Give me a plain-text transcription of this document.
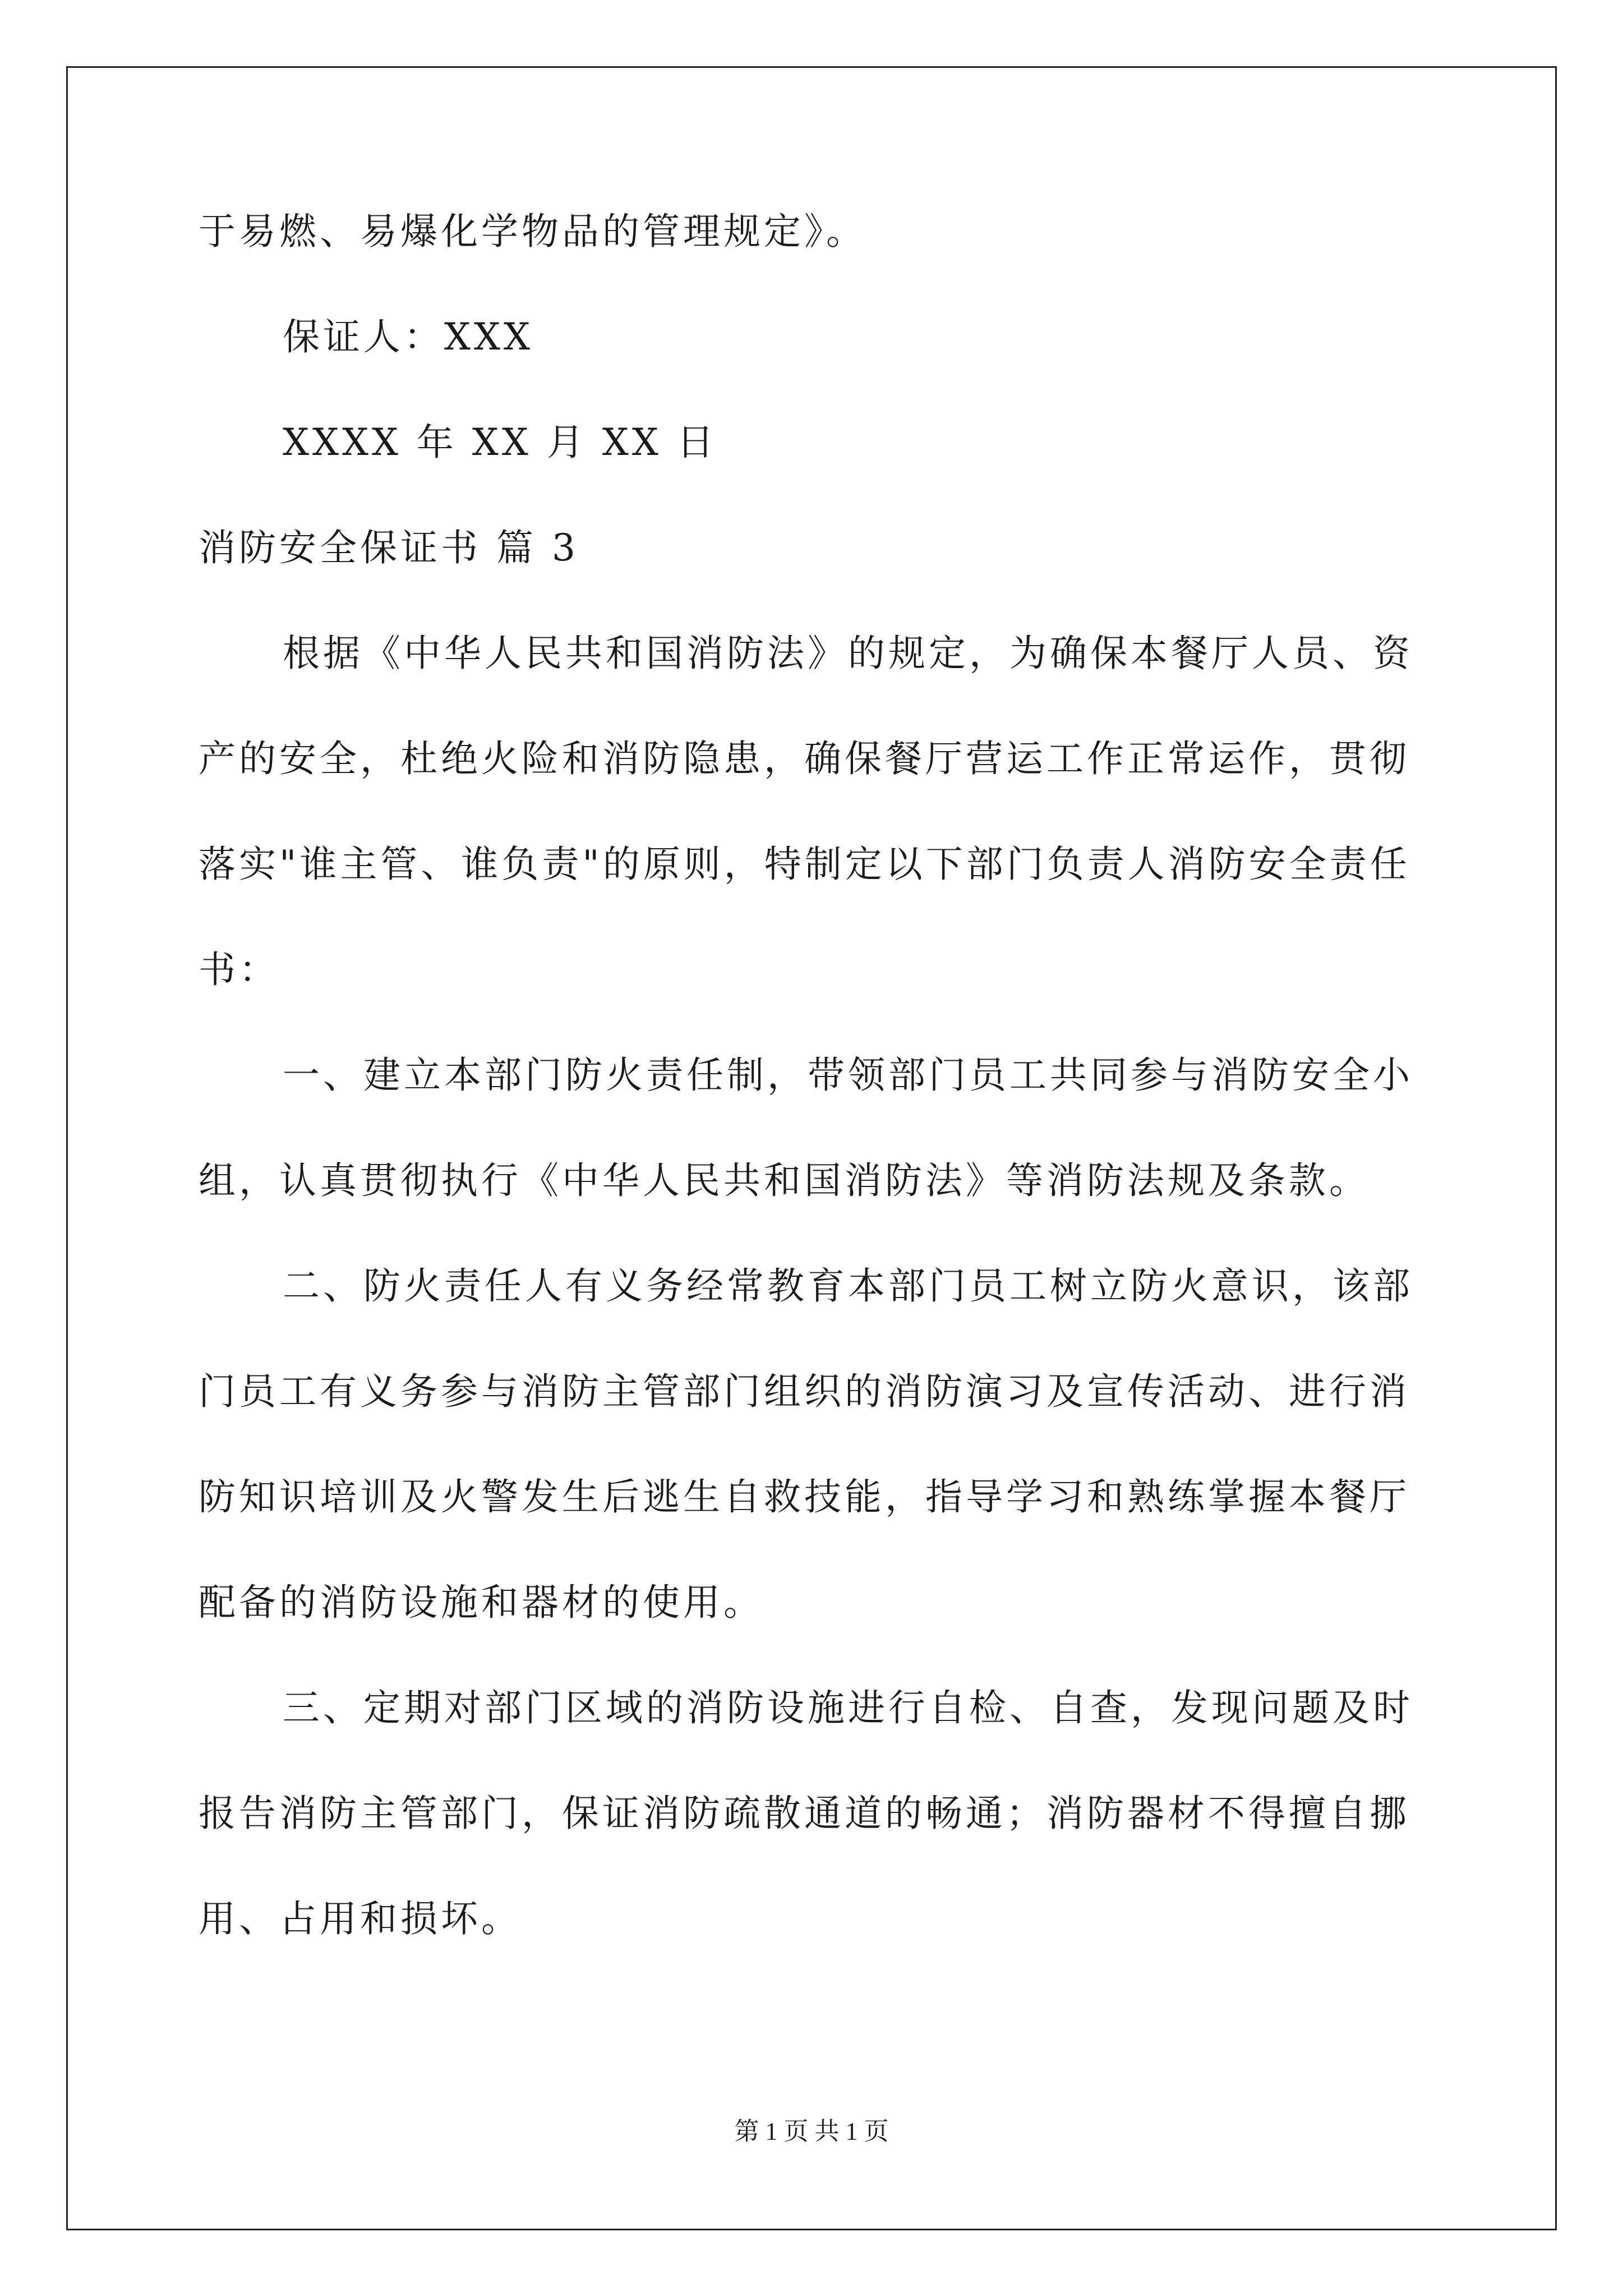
于易燃、易爆化学物品的管理规定》。

保证人：XXX

XXXX 年 XX 月 XX 日

消防安全保证书 篇 3

根据《中华人民共和国消防法》的规定，为确保本餐厅人员、资

产的安全，杜绝火险和消防隐患，确保餐厅营运工作正常运作，贯彻

落实"谁主管、谁负责"的原则，特制定以下部门负责人消防安全责任

书：

一、建立本部门防火责任制，带领部门员工共同参与消防安全小

组，认真贯彻执行《中华人民共和国消防法》等消防法规及条款。

二、防火责任人有义务经常教育本部门员工树立防火意识，该部

门员工有义务参与消防主管部门组织的消防演习及宣传活动、进行消

防知识培训及火警发生后逃生自救技能，指导学习和熟练掌握本餐厅

配备的消防设施和器材的使用。

三、定期对部门区域的消防设施进行自检、自查，发现问题及时

报告消防主管部门，保证消防疏散通道的畅通；消防器材不得擅自挪

用、占用和损坏。

第 1 页 共 1 页
